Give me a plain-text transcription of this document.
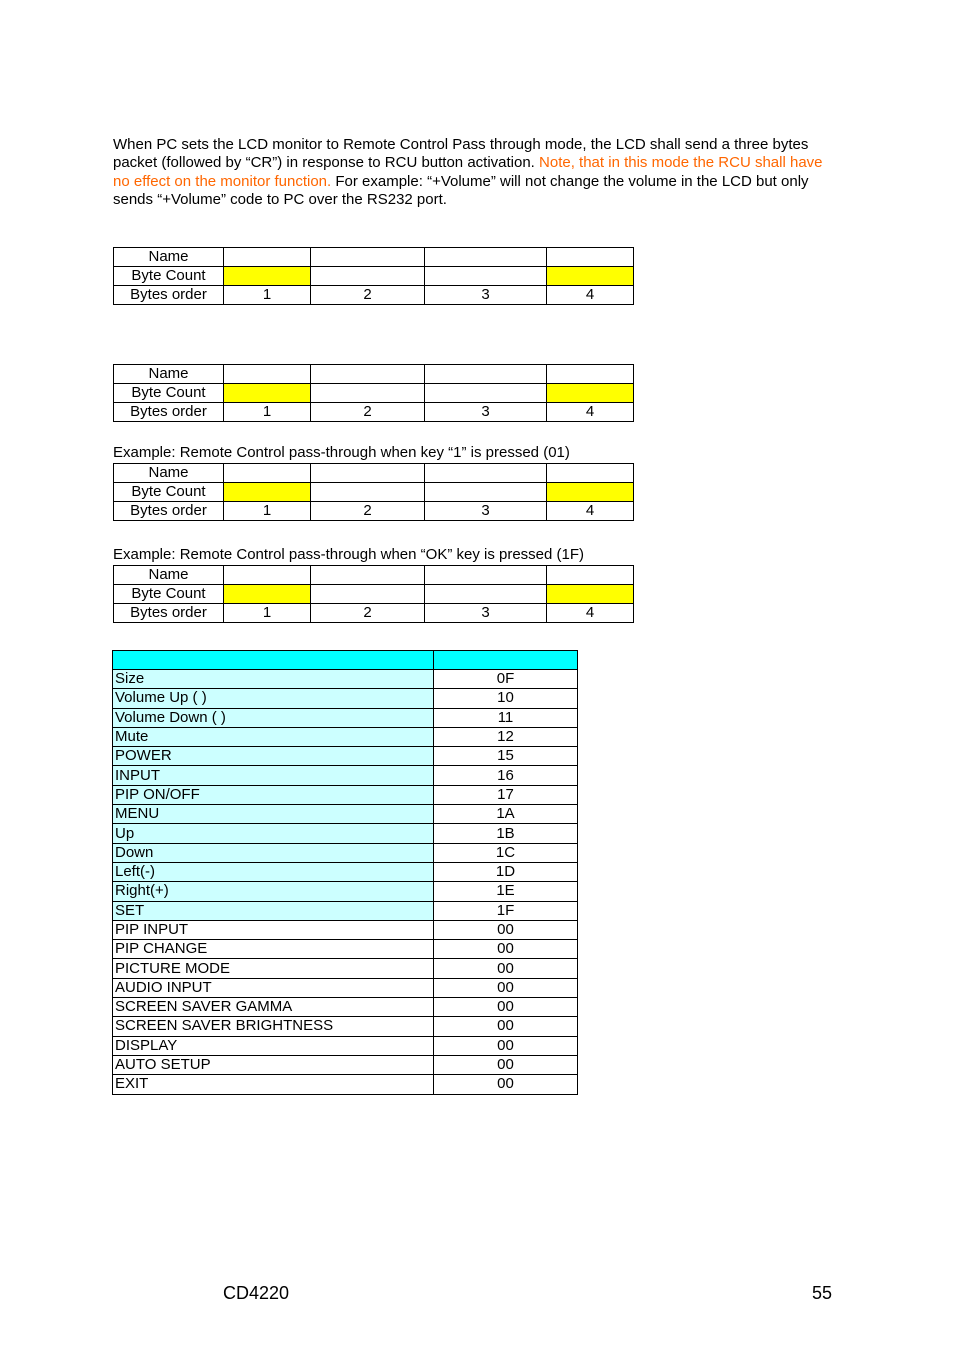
When PC sets the LCD monitor to Remote Control Pass through mode, the LCD shall send a three bytes packet (followed by “CR”) in response to RCU button activation. Note, that in this mode the RCU shall have no effect on the monitor function. For example: “+Volume” will not change the volume in the LCD but only sends “+Volume” code to PC over the RS232 port.

Name				
Byte Count				
Bytes order	1	2	3	4
Name				
Byte Count				
Bytes order	1	2	3	4

Example: Remote Control pass-through when key “1” is pressed (01)

Name				
Byte Count				
Bytes order	1	2	3	4

Example: Remote Control pass-through when “OK” key is pressed (1F)

Name				
Byte Count				
Bytes order	1	2	3	4

Size	0F
Volume Up ( )	10
Volume Down ( )	11
Mute	12
POWER	15
INPUT	16
PIP ON/OFF	17
MENU	1A
Up	1B
Down	1C
Left(-)	1D
Right(+)	1E
SET	1F
PIP INPUT	00
PIP CHANGE	00
PICTURE MODE	00
AUDIO INPUT	00
SCREEN SAVER GAMMA	00
SCREEN SAVER BRIGHTNESS	00
DISPLAY	00
AUTO SETUP	00
EXIT	00
CD4220	55
